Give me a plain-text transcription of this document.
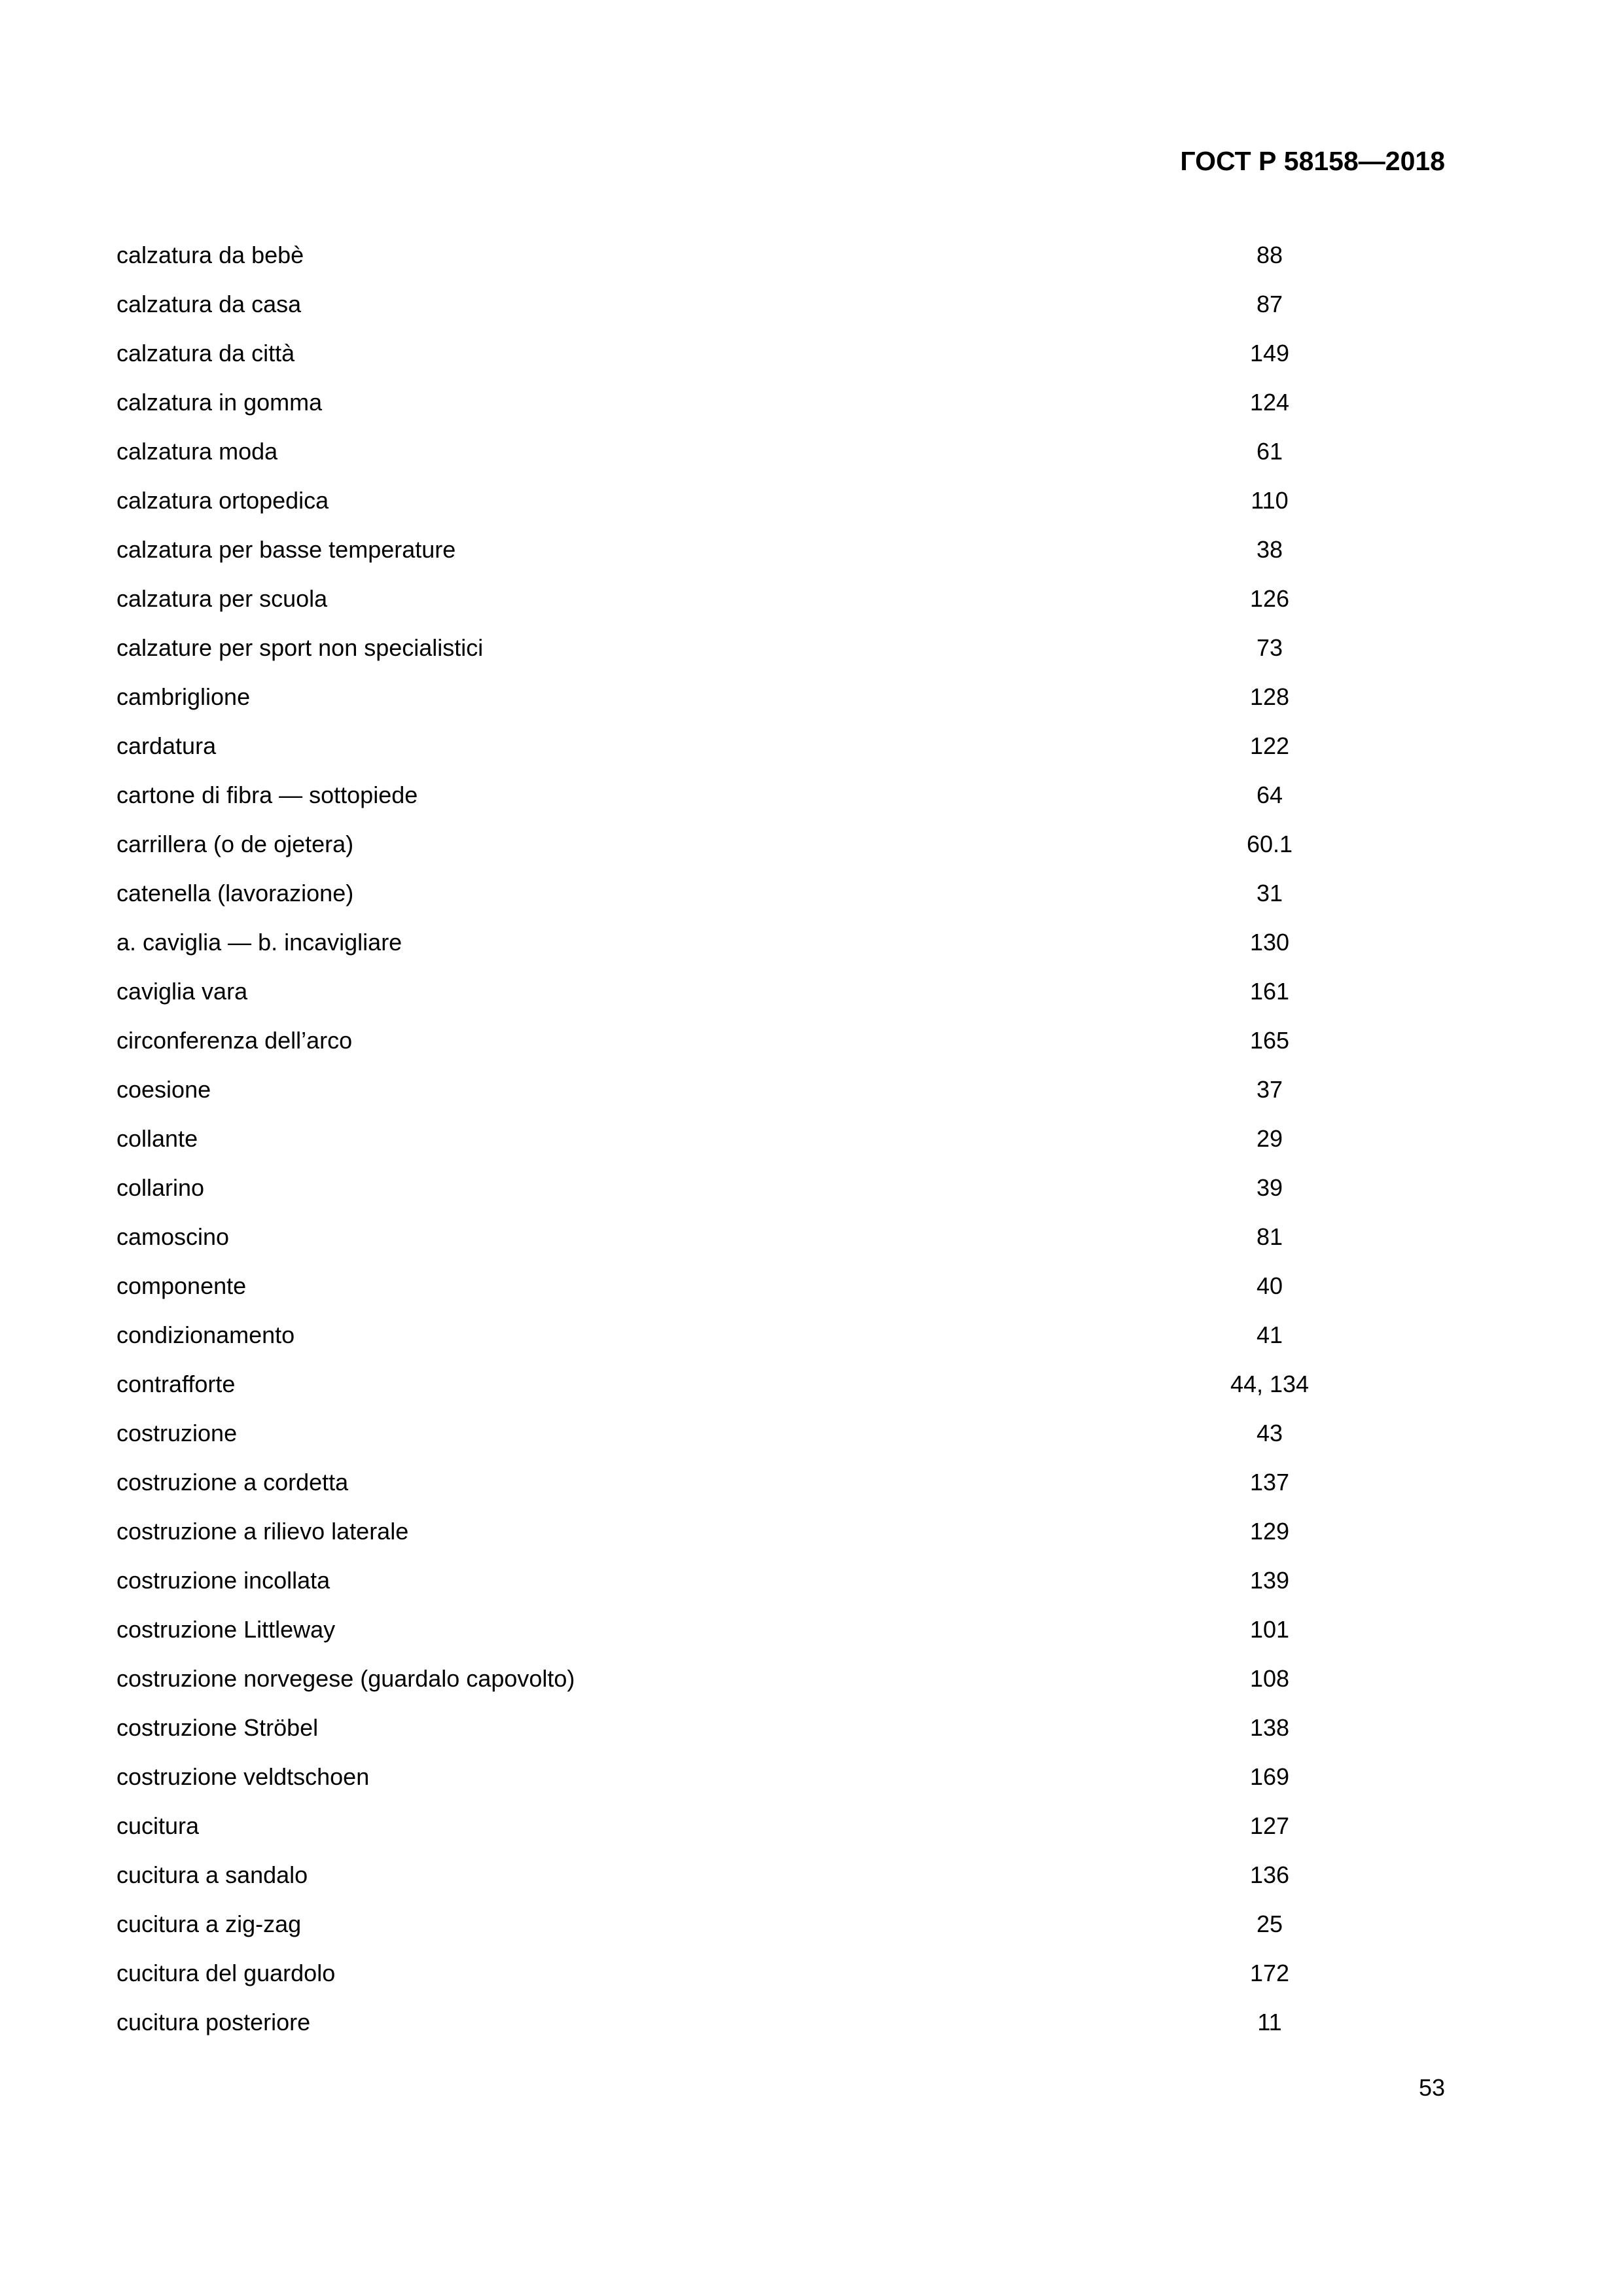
ГОСТ Р 58158—2018
calzatura da bebè	88
calzatura da casa	87
calzatura da città	149
calzatura in gomma	124
calzatura moda	61
calzatura ortopedica	110
calzatura per basse temperature	38
calzatura per scuola	126
calzature per sport non specialistici	73
cambriglione	128
cardatura	122
cartone di fibra — sottopiede	64
carrillera (o de ojetera)	60.1
catenella (lavorazione)	31
a. caviglia — b. incavigliare	130
caviglia vara	161
circonferenza dell’arco	165
coesione	37
collante	29
collarino	39
camoscino	81
componente	40
condizionamento	41
contrafforte	44, 134
costruzione	43
costruzione a cordetta	137
costruzione a rilievo laterale	129
costruzione incollata	139
costruzione Littleway	101
costruzione norvegese (guardalo capovolto)	108
costruzione Ströbel	138
costruzione veldtschoen	169
cucitura	127
cucitura a sandalo	136
cucitura a zig-zag	25
cucitura del guardolo	172
cucitura posteriore	11
53
